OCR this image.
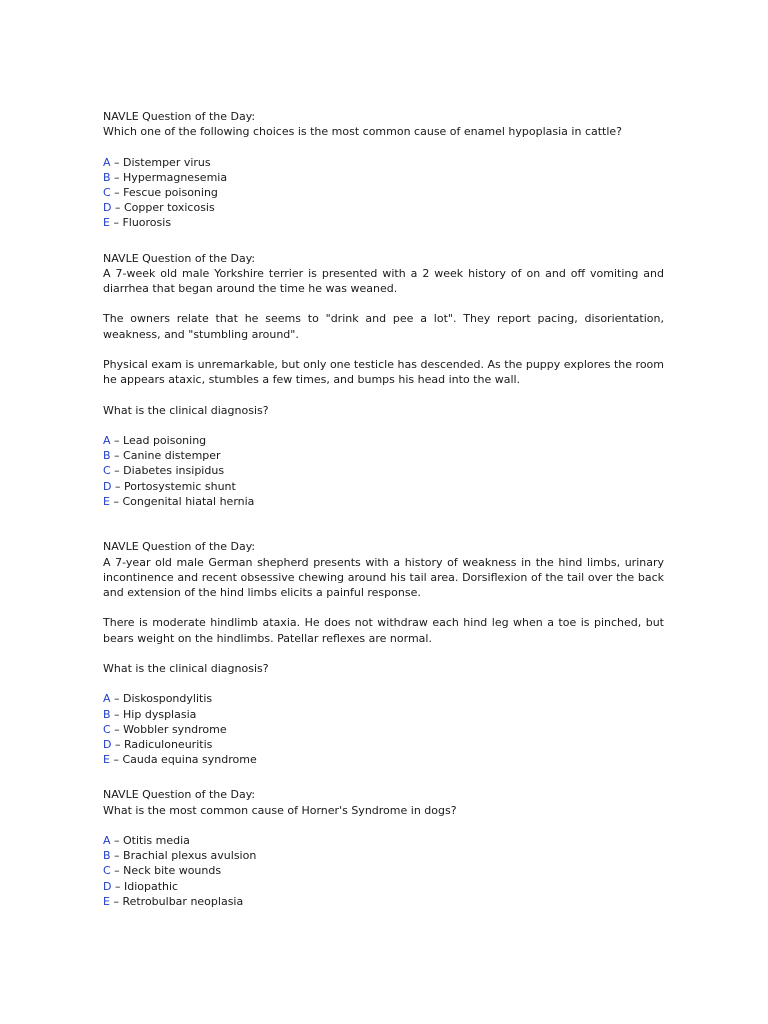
NAVLE Question of the Day:

Which one of the following choices is the most common cause of enamel hypoplasia in cattle?

A – Distemper virus

B – Hypermagnesemia

C – Fescue poisoning

D – Copper toxicosis

E – Fluorosis

NAVLE Question of the Day:

A 7-week old male Yorkshire terrier is presented with a 2 week history of on and off vomiting and diarrhea that began around the time he was weaned.

The owners relate that he seems to "drink and pee a lot". They report pacing, disorientation, weakness, and "stumbling around".

Physical exam is unremarkable, but only one testicle has descended. As the puppy explores the room he appears ataxic, stumbles a few times, and bumps his head into the wall.

What is the clinical diagnosis?

A – Lead poisoning

B – Canine distemper

C – Diabetes insipidus

D – Portosystemic shunt

E – Congenital hiatal hernia

NAVLE Question of the Day:

A 7-year old male German shepherd presents with a history of weakness in the hind limbs, urinary incontinence and recent obsessive chewing around his tail area. Dorsiflexion of the tail over the back and extension of the hind limbs elicits a painful response.

There is moderate hindlimb ataxia. He does not withdraw each hind leg when a toe is pinched, but bears weight on the hindlimbs. Patellar reflexes are normal.

What is the clinical diagnosis?

A – Diskospondylitis

B – Hip dysplasia

C – Wobbler syndrome

D – Radiculoneuritis

E – Cauda equina syndrome

NAVLE Question of the Day:

What is the most common cause of Horner's Syndrome in dogs?

A – Otitis media

B – Brachial plexus avulsion

C – Neck bite wounds

D – Idiopathic

E – Retrobulbar neoplasia
